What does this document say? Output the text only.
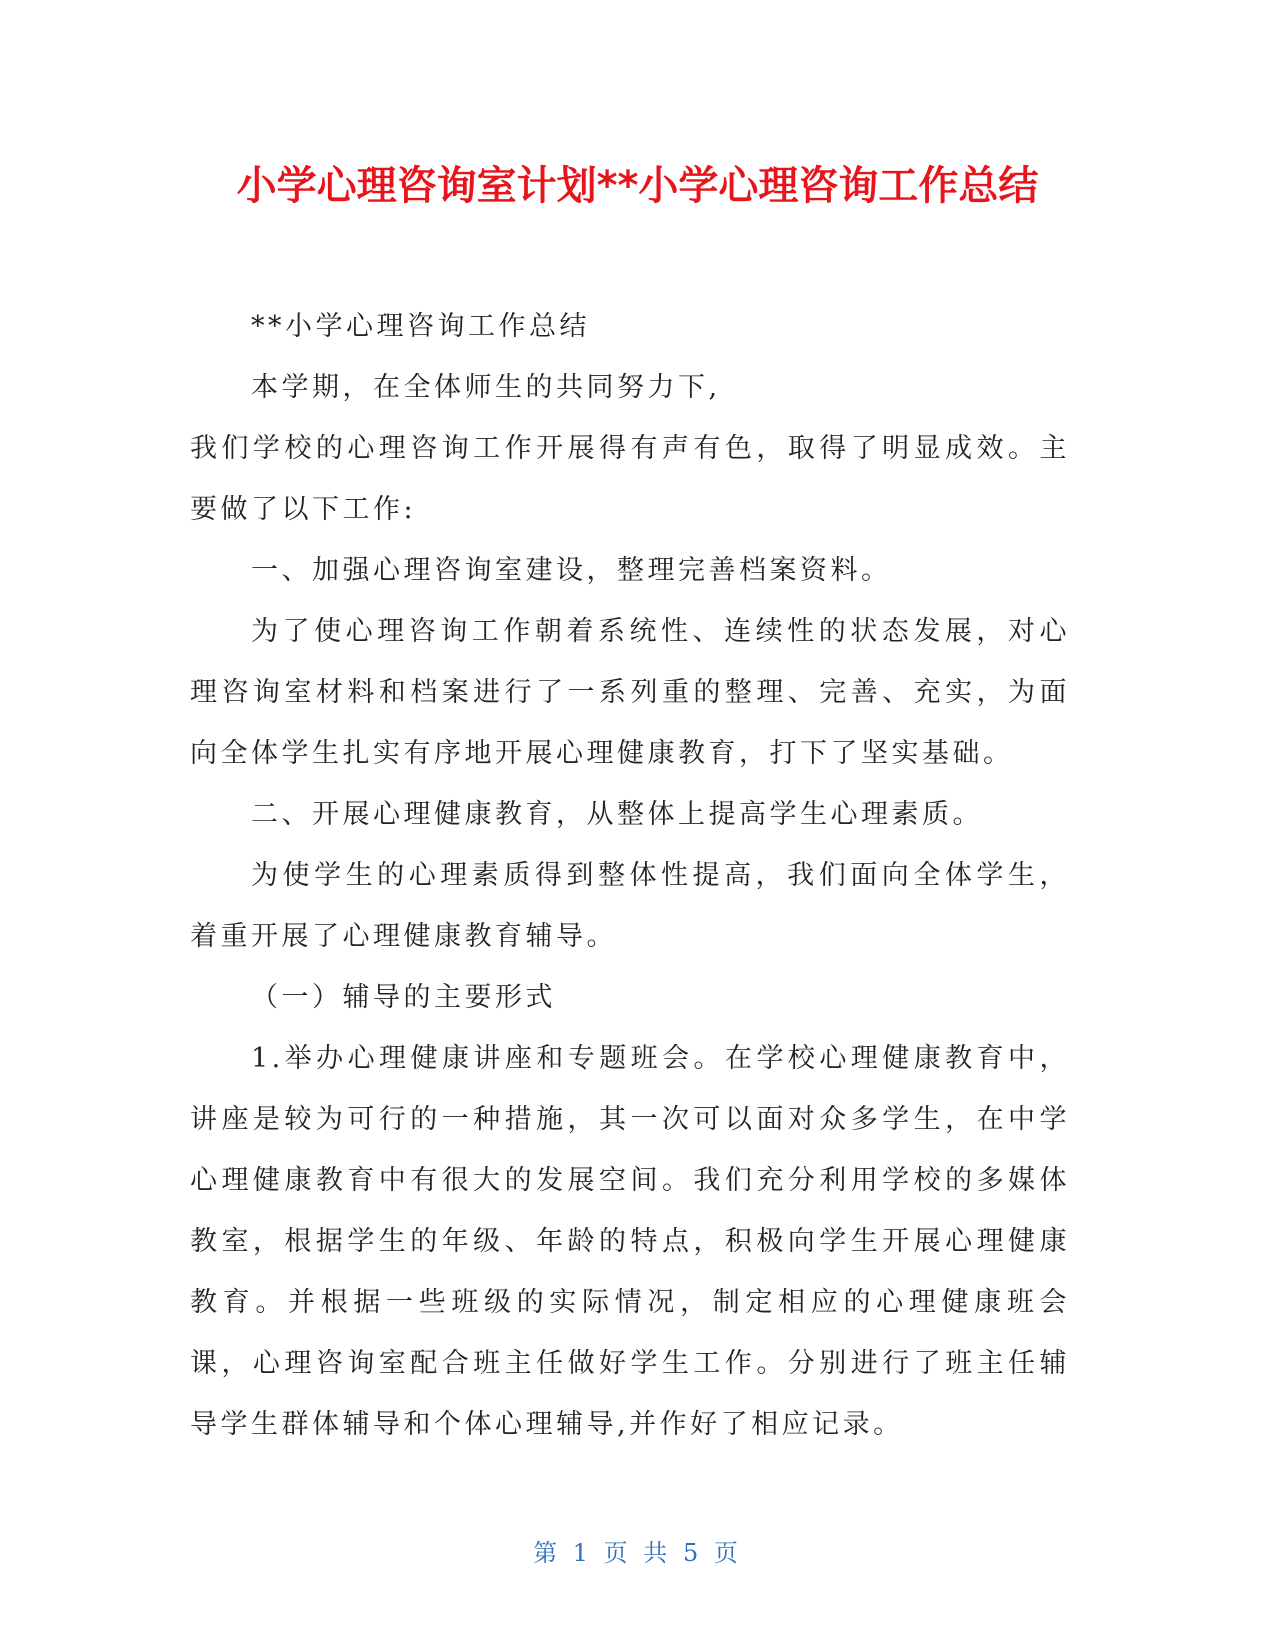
小学心理咨询室计划**小学心理咨询工作总结

**小学心理咨询工作总结

本学期，在全体师生的共同努力下,

我们学校的心理咨询工作开展得有声有色，取得了明显成效。主要做了以下工作:

一、加强心理咨询室建设，整理完善档案资料。

为了使心理咨询工作朝着系统性、连续性的状态发展，对心理咨询室材料和档案进行了一系列重的整理、完善、充实，为面向全体学生扎实有序地开展心理健康教育，打下了坚实基础。

二、开展心理健康教育，从整体上提高学生心理素质。

为使学生的心理素质得到整体性提高，我们面向全体学生，着重开展了心理健康教育辅导。

（一）辅导的主要形式

1.举办心理健康讲座和专题班会。在学校心理健康教育中，讲座是较为可行的一种措施，其一次可以面对众多学生，在中学心理健康教育中有很大的发展空间。我们充分利用学校的多媒体教室，根据学生的年级、年龄的特点，积极向学生开展心理健康教育。并根据一些班级的实际情况，制定相应的心理健康班会课，心理咨询室配合班主任做好学生工作。分别进行了班主任辅导学生群体辅导和个体心理辅导,并作好了相应记录。

第 1 页 共 5 页
